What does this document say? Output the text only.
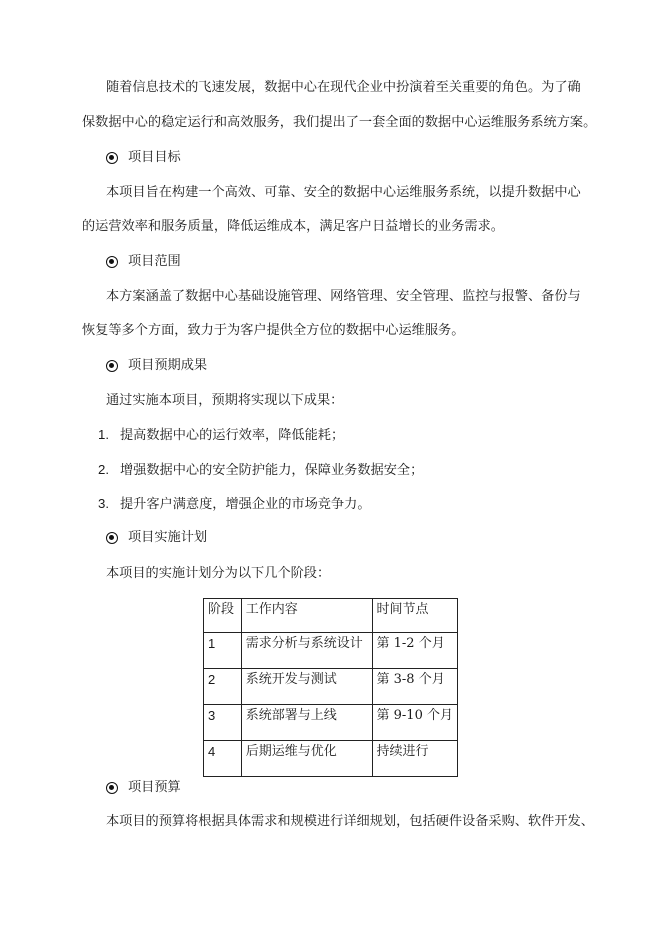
随着信息技术的飞速发展，数据中心在现代企业中扮演着至关重要的角色。为了确
保数据中心的稳定运行和高效服务，我们提出了一套全面的数据中心运维服务系统方案。
项目目标
本项目旨在构建一个高效、可靠、安全的数据中心运维服务系统，以提升数据中心
的运营效率和服务质量，降低运维成本，满足客户日益增长的业务需求。
项目范围
本方案涵盖了数据中心基础设施管理、网络管理、安全管理、监控与报警、备份与
恢复等多个方面，致力于为客户提供全方位的数据中心运维服务。
项目预期成果
通过实施本项目，预期将实现以下成果：
1. 提高数据中心的运行效率，降低能耗；
2. 增强数据中心的安全防护能力，保障业务数据安全；
3. 提升客户满意度，增强企业的市场竞争力。
项目实施计划
本项目的实施计划分为以下几个阶段：
阶段	工作内容	时间节点
1	需求分析与系统设计	第 1-2 个月
2	系统开发与测试	第 3-8 个月
3	系统部署与上线	第 9-10 个月
4	后期运维与优化	持续进行
项目预算
本项目的预算将根据具体需求和规模进行详细规划，包括硬件设备采购、软件开发、
